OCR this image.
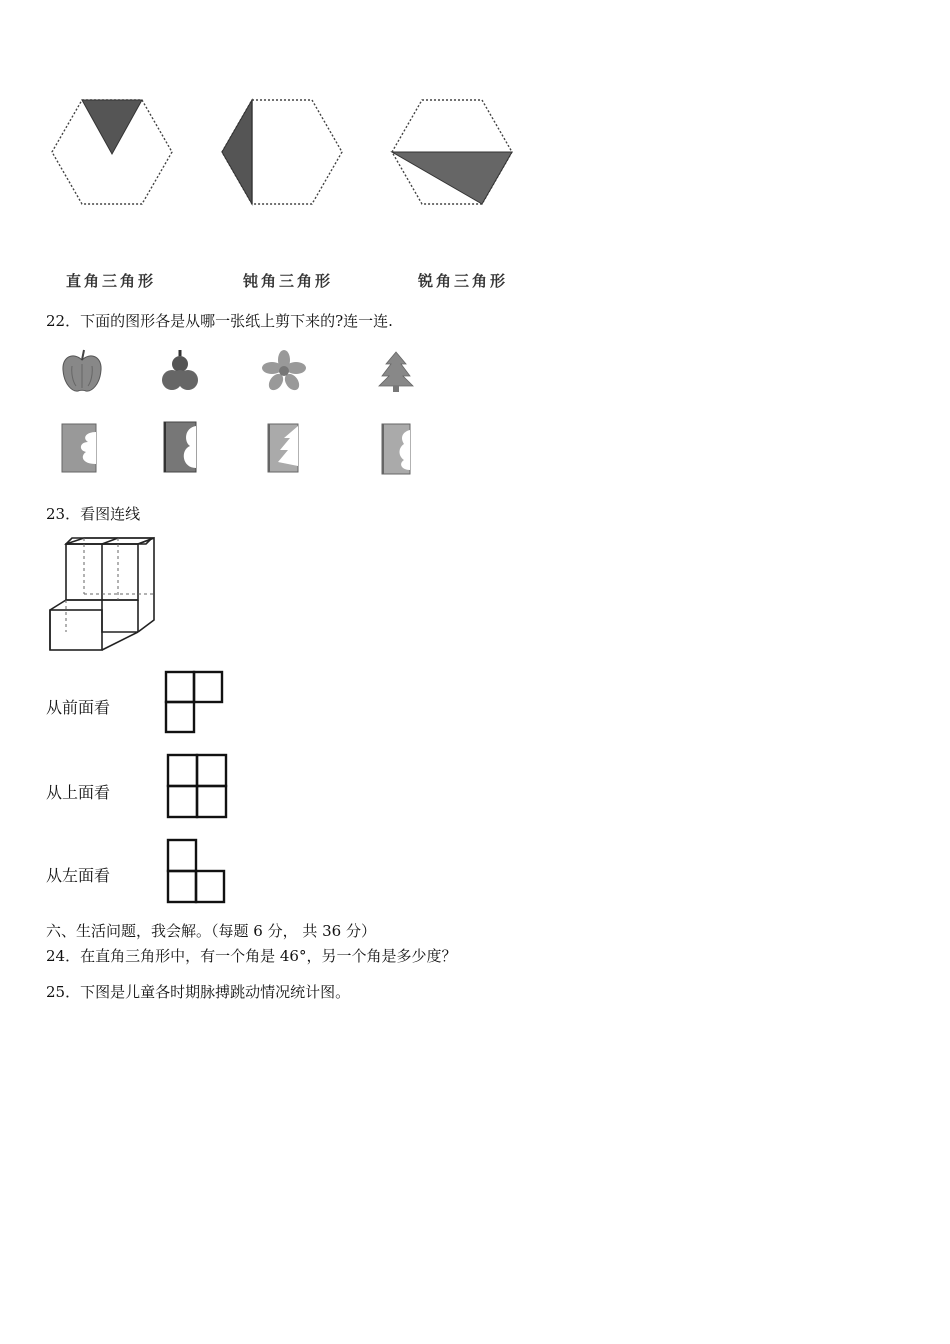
直角三角形	钝角三角形	锐角三角形
22．下面的图形各是从哪一张纸上剪下来的?连一连.
23．看图连线
从前面看
从上面看
从左面看
六、生活问题，我会解。（每题 6 分， 共 36 分）
24．在直角三角形中，有一个角是 46°，另一个角是多少度？
25．下图是儿童各时期脉搏跳动情况统计图。
